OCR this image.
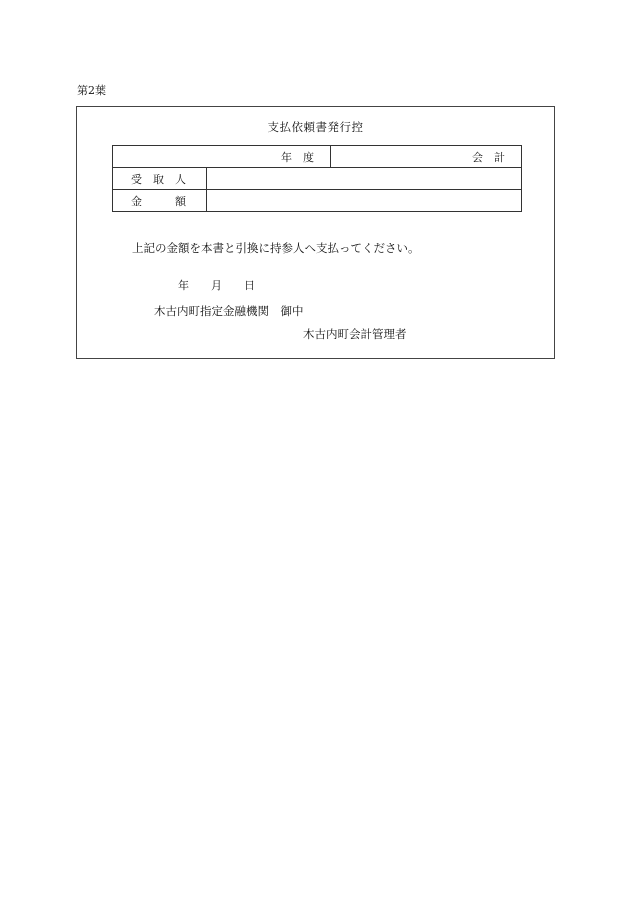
第2葉
支払依頼書発行控
年　度		会　計
受　取　人		
金　　　額		
上記の金額を本書と引換に持参人へ支払ってください。
年　　月　　日
木古内町指定金融機関　御中
木古内町会計管理者
